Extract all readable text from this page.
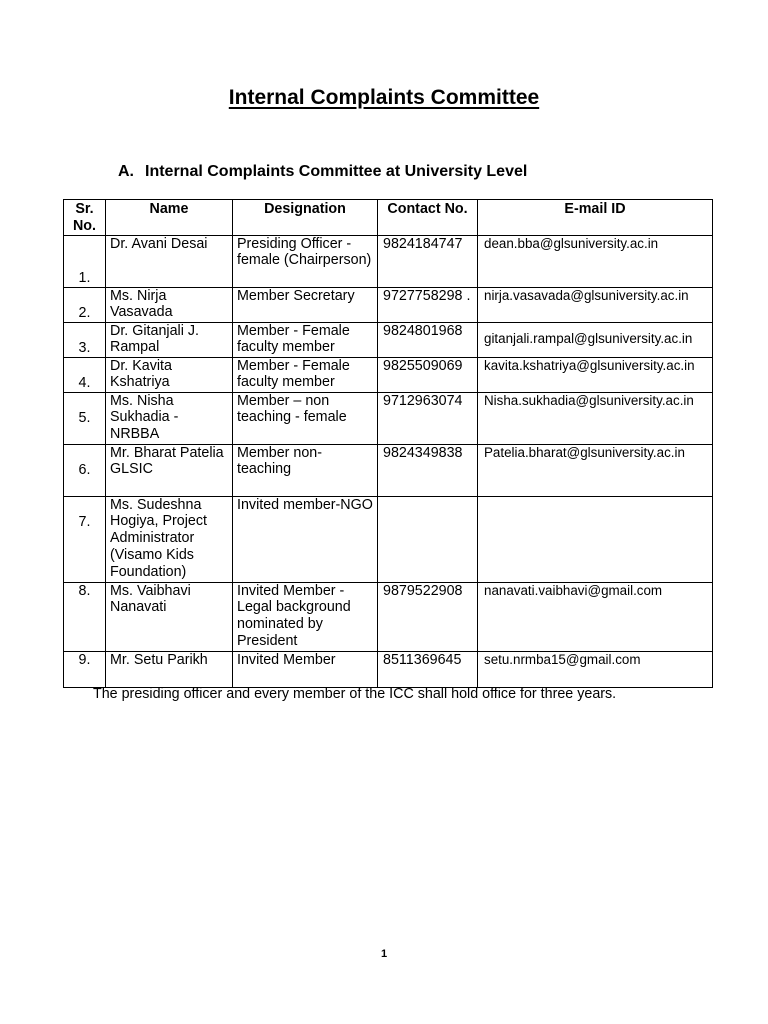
Internal Complaints Committee
A. Internal Complaints Committee at University Level
Sr. No.	Name	Designation	Contact No.	E-mail ID
1.	Dr. Avani Desai	Presiding Officer - female (Chairperson)	9824184747	dean.bba@glsuniversity.ac.in
2.	Ms. Nirja Vasavada	Member Secretary	9727758298 .	nirja.vasavada@glsuniversity.ac.in
3.	Dr. Gitanjali J. Rampal	Member - Female faculty member	9824801968	gitanjali.rampal@glsuniversity.ac.in
4.	Dr. Kavita Kshatriya	Member - Female faculty member	9825509069	kavita.kshatriya@glsuniversity.ac.in
5.	Ms. Nisha Sukhadia - NRBBA	Member – non teaching - female	9712963074	Nisha.sukhadia@glsuniversity.ac.in
6.	Mr. Bharat Patelia GLSIC	Member non-teaching	9824349838	Patelia.bharat@glsuniversity.ac.in
7.	Ms. Sudeshna Hogiya, Project Administrator (Visamo Kids Foundation)	Invited member-NGO		
8.	Ms. Vaibhavi Nanavati	Invited Member -Legal background nominated by President	9879522908	nanavati.vaibhavi@gmail.com
9.	Mr. Setu Parikh	Invited Member	8511369645	setu.nrmba15@gmail.com
The presiding officer and every member of the ICC shall hold office for three years.
1
